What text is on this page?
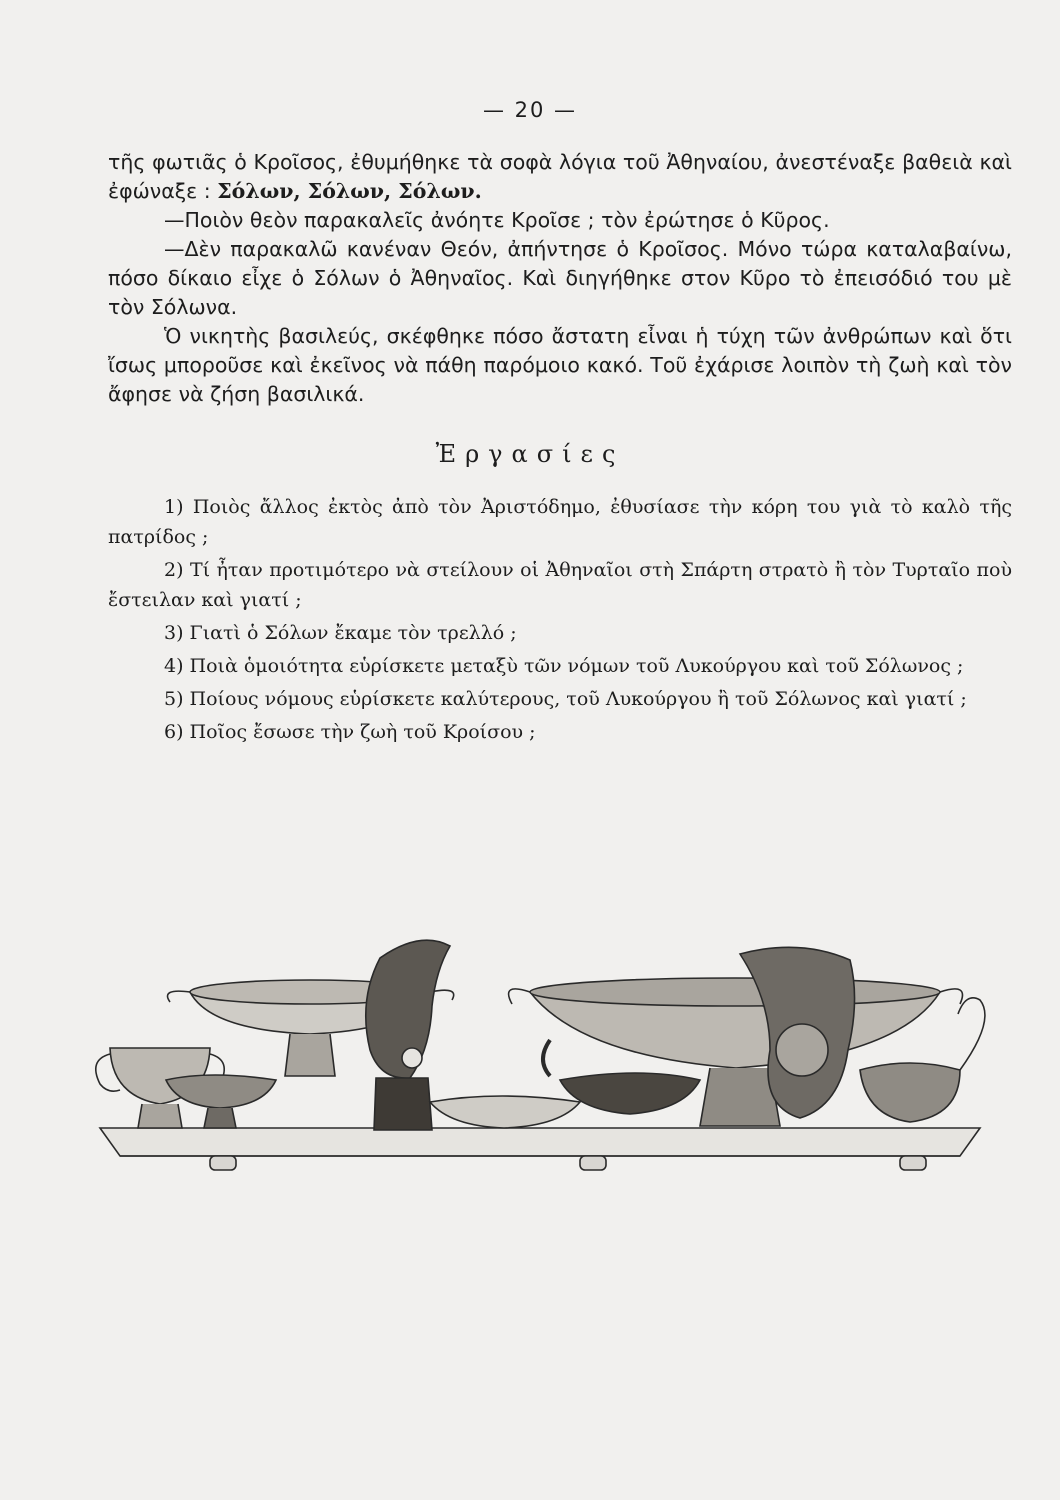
— 20 —

τῆς φωτιᾶς ὁ Κροῖσος, ἐθυμήθηκε τὰ σοφὰ λόγια τοῦ Ἀθηναίου, ἀνεστέναξε βαθειὰ καὶ ἐφώναξε : Σόλων, Σόλων, Σόλων.

—Ποιὸν θεὸν παρακαλεῖς ἀνόητε Κροῖσε ; τὸν ἐρώτησε ὁ Κῦρος.

—Δὲν παρακαλῶ κανέναν Θεόν, ἀπήντησε ὁ Κροῖσος. Μόνο τώρα καταλαβαίνω, πόσο δίκαιο εἶχε ὁ Σόλων ὁ Ἀθηναῖος. Καὶ διηγήθηκε στον Κῦρο τὸ ἐπεισόδιό του μὲ τὸν Σόλωνα.

Ὁ νικητὴς βασιλεύς, σκέφθηκε πόσο ἄστατη εἶναι ἡ τύχη τῶν ἀνθρώπων καὶ ὅτι ἴσως μποροῦσε καὶ ἐκεῖνος νὰ πάθη παρόμοιο κακό. Τοῦ ἐχάρισε λοιπὸν τὴ ζωὴ καὶ τὸν ἄφησε νὰ ζήση βασιλικά.

Ἐργασίες

1) Ποιὸς ἄλλος ἐκτὸς ἀπὸ τὸν Ἀριστόδημο, ἐθυσίασε τὴν κόρη του γιὰ τὸ καλὸ τῆς πατρίδος ;

2) Τί ἦταν προτιμότερο νὰ στείλουν οἱ Ἀθηναῖοι στὴ Σπάρτη στρατὸ ἢ τὸν Τυρταῖο ποὺ ἔστειλαν καὶ γιατί ;

3) Γιατὶ ὁ Σόλων ἔκαμε τὸν τρελλό ;

4) Ποιὰ ὁμοιότητα εὑρίσκετε μεταξὺ τῶν νόμων τοῦ Λυκούργου καὶ τοῦ Σόλωνος ;

5) Ποίους νόμους εὑρίσκετε καλύτερους, τοῦ Λυκούργου ἢ τοῦ Σόλωνος καὶ γιατί ;

6) Ποῖος ἔσωσε τὴν ζωὴ τοῦ Κροίσου ;
